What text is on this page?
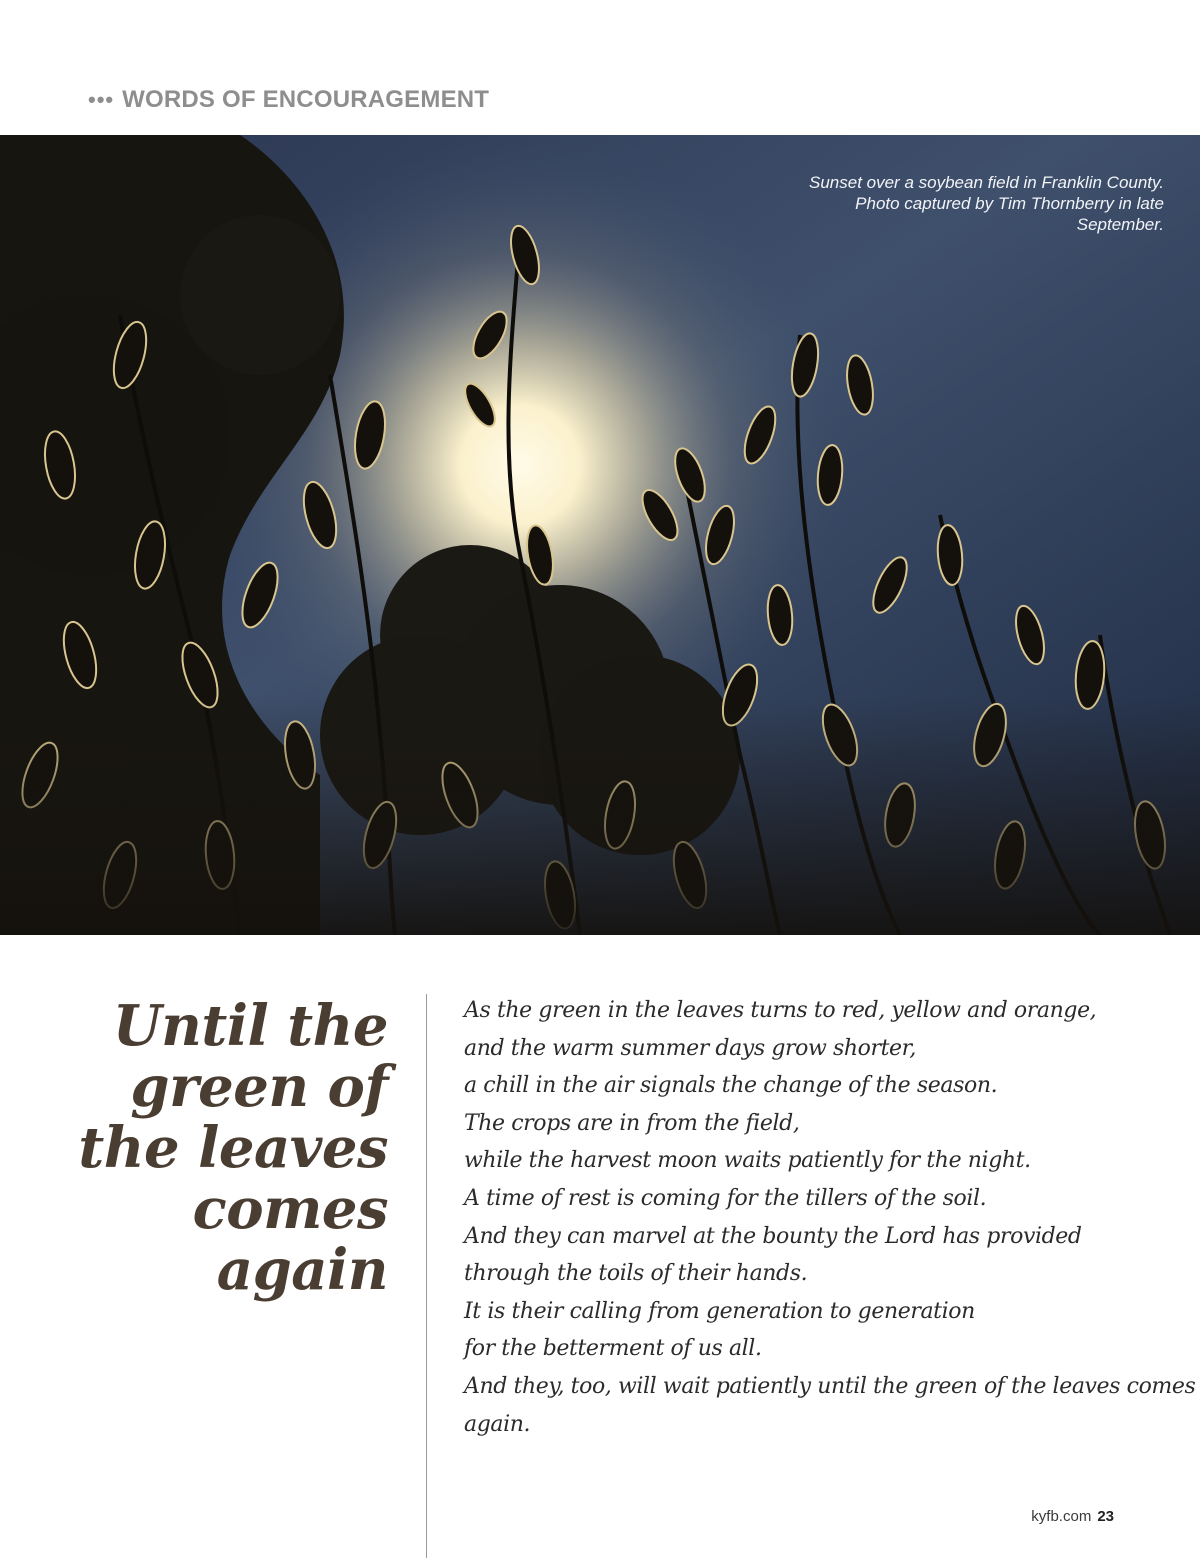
••• WORDS OF ENCOURAGEMENT
Sunset over a soybean field in Franklin County. Photo captured by Tim Thornberry in late September.
Until the green of the leaves comes again
As the green in the leaves turns to red, yellow and orange,
and the warm summer days grow shorter,
a chill in the air signals the change of the season.
The crops are in from the field,
while the harvest moon waits patiently for the night.
A time of rest is coming for the tillers of the soil.
And they can marvel at the bounty the Lord has provided
through the toils of their hands.
It is their calling from generation to generation
for the betterment of us all.
And they, too, will wait patiently until the green of the leaves comes
again.
kyfb.com 23
